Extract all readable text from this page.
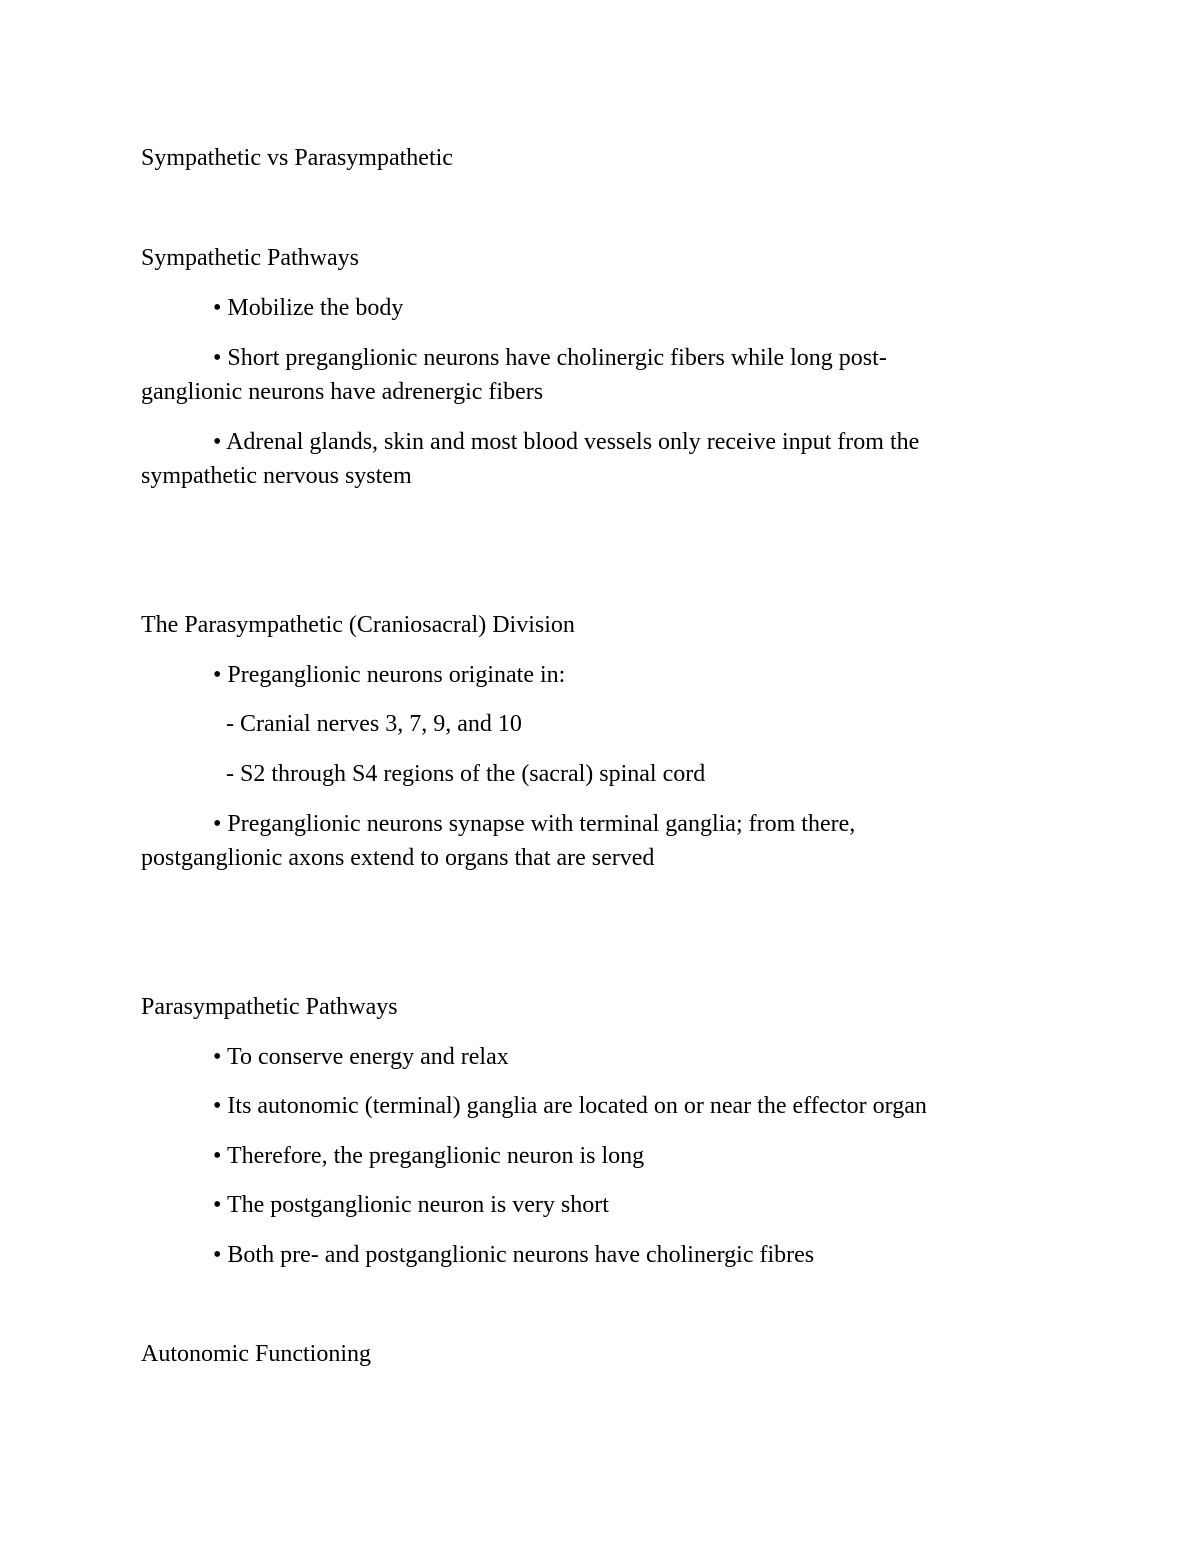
Sympathetic vs Parasympathetic
Sympathetic Pathways
• Mobilize the body
• Short preganglionic neurons have cholinergic fibers while long post-
ganglionic neurons have adrenergic fibers
• Adrenal glands, skin and most blood vessels only receive input from the
sympathetic nervous system
The Parasympathetic (Craniosacral) Division
• Preganglionic neurons originate in:
- Cranial nerves 3, 7, 9, and 10
- S2 through S4 regions of the (sacral) spinal cord
• Preganglionic neurons synapse with terminal ganglia; from there,
postganglionic axons extend to organs that are served
Parasympathetic Pathways
• To conserve energy and relax
• Its autonomic (terminal) ganglia are located on or near the effector organ
• Therefore, the preganglionic neuron is long
• The postganglionic neuron is very short
• Both pre- and postganglionic neurons have cholinergic fibres
Autonomic Functioning
